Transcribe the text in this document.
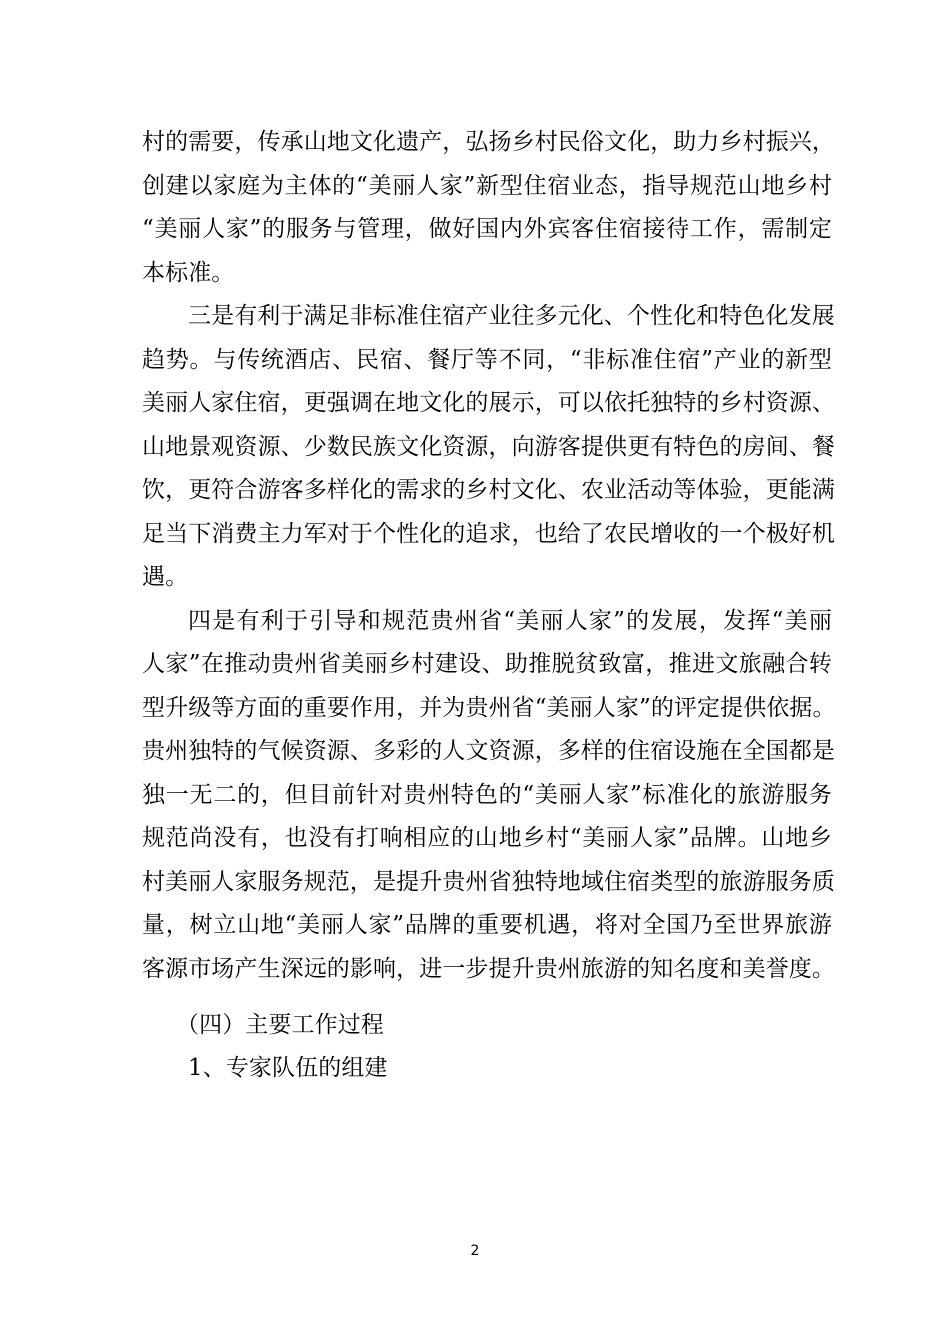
村的需要，传承山地文化遗产，弘扬乡村民俗文化，助力乡村振兴，
创建以家庭为主体的“美丽人家”新型住宿业态，指导规范山地乡村
“美丽人家”的服务与管理，做好国内外宾客住宿接待工作，需制定
本标准。
三是有利于满足非标准住宿产业往多元化、个性化和特色化发展
趋势。与传统酒店、民宿、餐厅等不同，“非标准住宿”产业的新型
美丽人家住宿，更强调在地文化的展示，可以依托独特的乡村资源、
山地景观资源、少数民族文化资源，向游客提供更有特色的房间、餐
饮，更符合游客多样化的需求的乡村文化、农业活动等体验，更能满
足当下消费主力军对于个性化的追求，也给了农民增收的一个极好机
遇。
四是有利于引导和规范贵州省“美丽人家”的发展，发挥“美丽
人家”在推动贵州省美丽乡村建设、助推脱贫致富，推进文旅融合转
型升级等方面的重要作用，并为贵州省“美丽人家”的评定提供依据。
贵州独特的气候资源、多彩的人文资源，多样的住宿设施在全国都是
独一无二的，但目前针对贵州特色的“美丽人家”标准化的旅游服务
规范尚没有，也没有打响相应的山地乡村“美丽人家”品牌。山地乡
村美丽人家服务规范，是提升贵州省独特地域住宿类型的旅游服务质
量，树立山地“美丽人家”品牌的重要机遇，将对全国乃至世界旅游
客源市场产生深远的影响，进一步提升贵州旅游的知名度和美誉度。
（四）主要工作过程
1、专家队伍的组建
2
